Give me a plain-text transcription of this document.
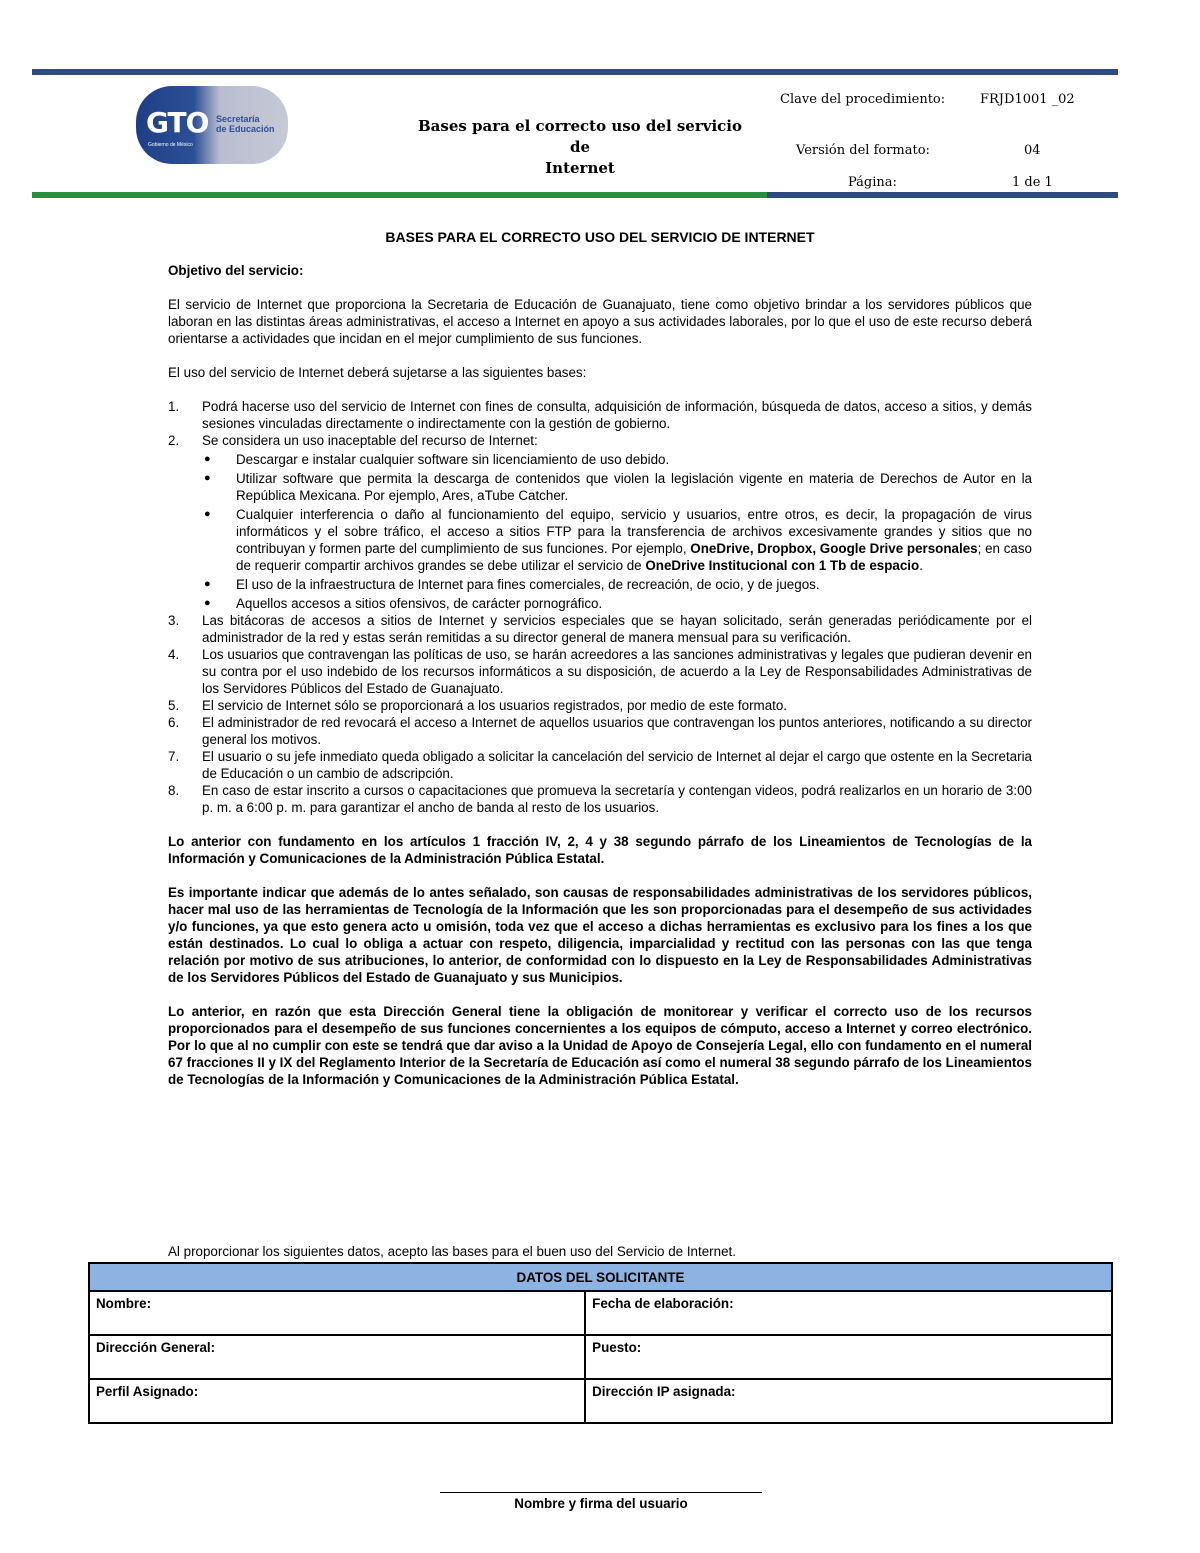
GTO
Gobierno de México
Secretaría
de Educación	Bases para el correcto uso del servicio de
Internet
Clave del procedimiento:	FRJD1001 _02
Versión del formato:	04
Página:	1 de 1
BASES PARA EL CORRECTO USO DEL SERVICIO DE INTERNET
Objetivo del servicio:
El servicio de Internet que proporciona la Secretaria de Educación de Guanajuato, tiene como objetivo brindar a los servidores públicos que laboran en las distintas áreas administrativas, el acceso a Internet en apoyo a sus actividades laborales, por lo que el uso de este recurso deberá orientarse a actividades que incidan en el mejor cumplimiento de sus funciones.
El uso del servicio de Internet deberá sujetarse a las siguientes bases:
1. Podrá hacerse uso del servicio de Internet con fines de consulta, adquisición de información, búsqueda de datos, acceso a sitios, y demás sesiones vinculadas directamente o indirectamente con la gestión de gobierno.
2. Se considera un uso inaceptable del recurso de Internet:
● Descargar e instalar cualquier software sin licenciamiento de uso debido.
● Utilizar software que permita la descarga de contenidos que violen la legislación vigente en materia de Derechos de Autor en la República Mexicana. Por ejemplo, Ares, aTube Catcher.
● Cualquier interferencia o daño al funcionamiento del equipo, servicio y usuarios, entre otros, es decir, la propagación de virus informáticos y el sobre tráfico, el acceso a sitios FTP para la transferencia de archivos excesivamente grandes y sitios que no contribuyan y formen parte del cumplimiento de sus funciones. Por ejemplo, OneDrive, Dropbox, Google Drive personales; en caso de requerir compartir archivos grandes se debe utilizar el servicio de OneDrive Institucional con 1 Tb de espacio.
● El uso de la infraestructura de Internet para fines comerciales, de recreación, de ocio, y de juegos.
● Aquellos accesos a sitios ofensivos, de carácter pornográfico.
3. Las bitácoras de accesos a sitios de Internet y servicios especiales que se hayan solicitado, serán generadas periódicamente por el administrador de la red y estas serán remitidas a su director general de manera mensual para su verificación.
4. Los usuarios que contravengan las políticas de uso, se harán acreedores a las sanciones administrativas y legales que pudieran devenir en su contra por el uso indebido de los recursos informáticos a su disposición, de acuerdo a la Ley de Responsabilidades Administrativas de los Servidores Públicos del Estado de Guanajuato.
5. El servicio de Internet sólo se proporcionará a los usuarios registrados, por medio de este formato.
6. El administrador de red revocará el acceso a Internet de aquellos usuarios que contravengan los puntos anteriores, notificando a su director general los motivos.
7. El usuario o su jefe inmediato queda obligado a solicitar la cancelación del servicio de Internet al dejar el cargo que ostente en la Secretaria de Educación o un cambio de adscripción.
8. En caso de estar inscrito a cursos o capacitaciones que promueva la secretaría y contengan videos, podrá realizarlos en un horario de 3:00 p. m. a 6:00 p. m. para garantizar el ancho de banda al resto de los usuarios.
Lo anterior con fundamento en los artículos 1 fracción IV, 2, 4 y 38 segundo párrafo de los Lineamientos de Tecnologías de la Información y Comunicaciones de la Administración Pública Estatal.
Es importante indicar que además de lo antes señalado, son causas de responsabilidades administrativas de los servidores públicos, hacer mal uso de las herramientas de Tecnología de la Información que les son proporcionadas para el desempeño de sus actividades y/o funciones, ya que esto genera acto u omisión, toda vez que el acceso a dichas herramientas es exclusivo para los fines a los que están destinados. Lo cual lo obliga a actuar con respeto, diligencia, imparcialidad y rectitud con las personas con las que tenga relación por motivo de sus atribuciones, lo anterior, de conformidad con lo dispuesto en la Ley de Responsabilidades Administrativas de los Servidores Públicos del Estado de Guanajuato y sus Municipios.
Lo anterior, en razón que esta Dirección General tiene la obligación de monitorear y verificar el correcto uso de los recursos proporcionados para el desempeño de sus funciones concernientes a los equipos de cómputo, acceso a Internet y correo electrónico. Por lo que al no cumplir con este se tendrá que dar aviso a la Unidad de Apoyo de Consejería Legal, ello con fundamento en el numeral 67 fracciones II y IX del Reglamento Interior de la Secretaría de Educación así como el numeral 38 segundo párrafo de los Lineamientos de Tecnologías de la Información y Comunicaciones de la Administración Pública Estatal.
Al proporcionar los siguientes datos, acepto las bases para el buen uso del Servicio de Internet.
DATOS DEL SOLICITANTE	
Nombre:	Fecha de elaboración:
Dirección General:	Puesto:
Perfil Asignado:	Dirección IP asignada:
Nombre y firma del usuario
